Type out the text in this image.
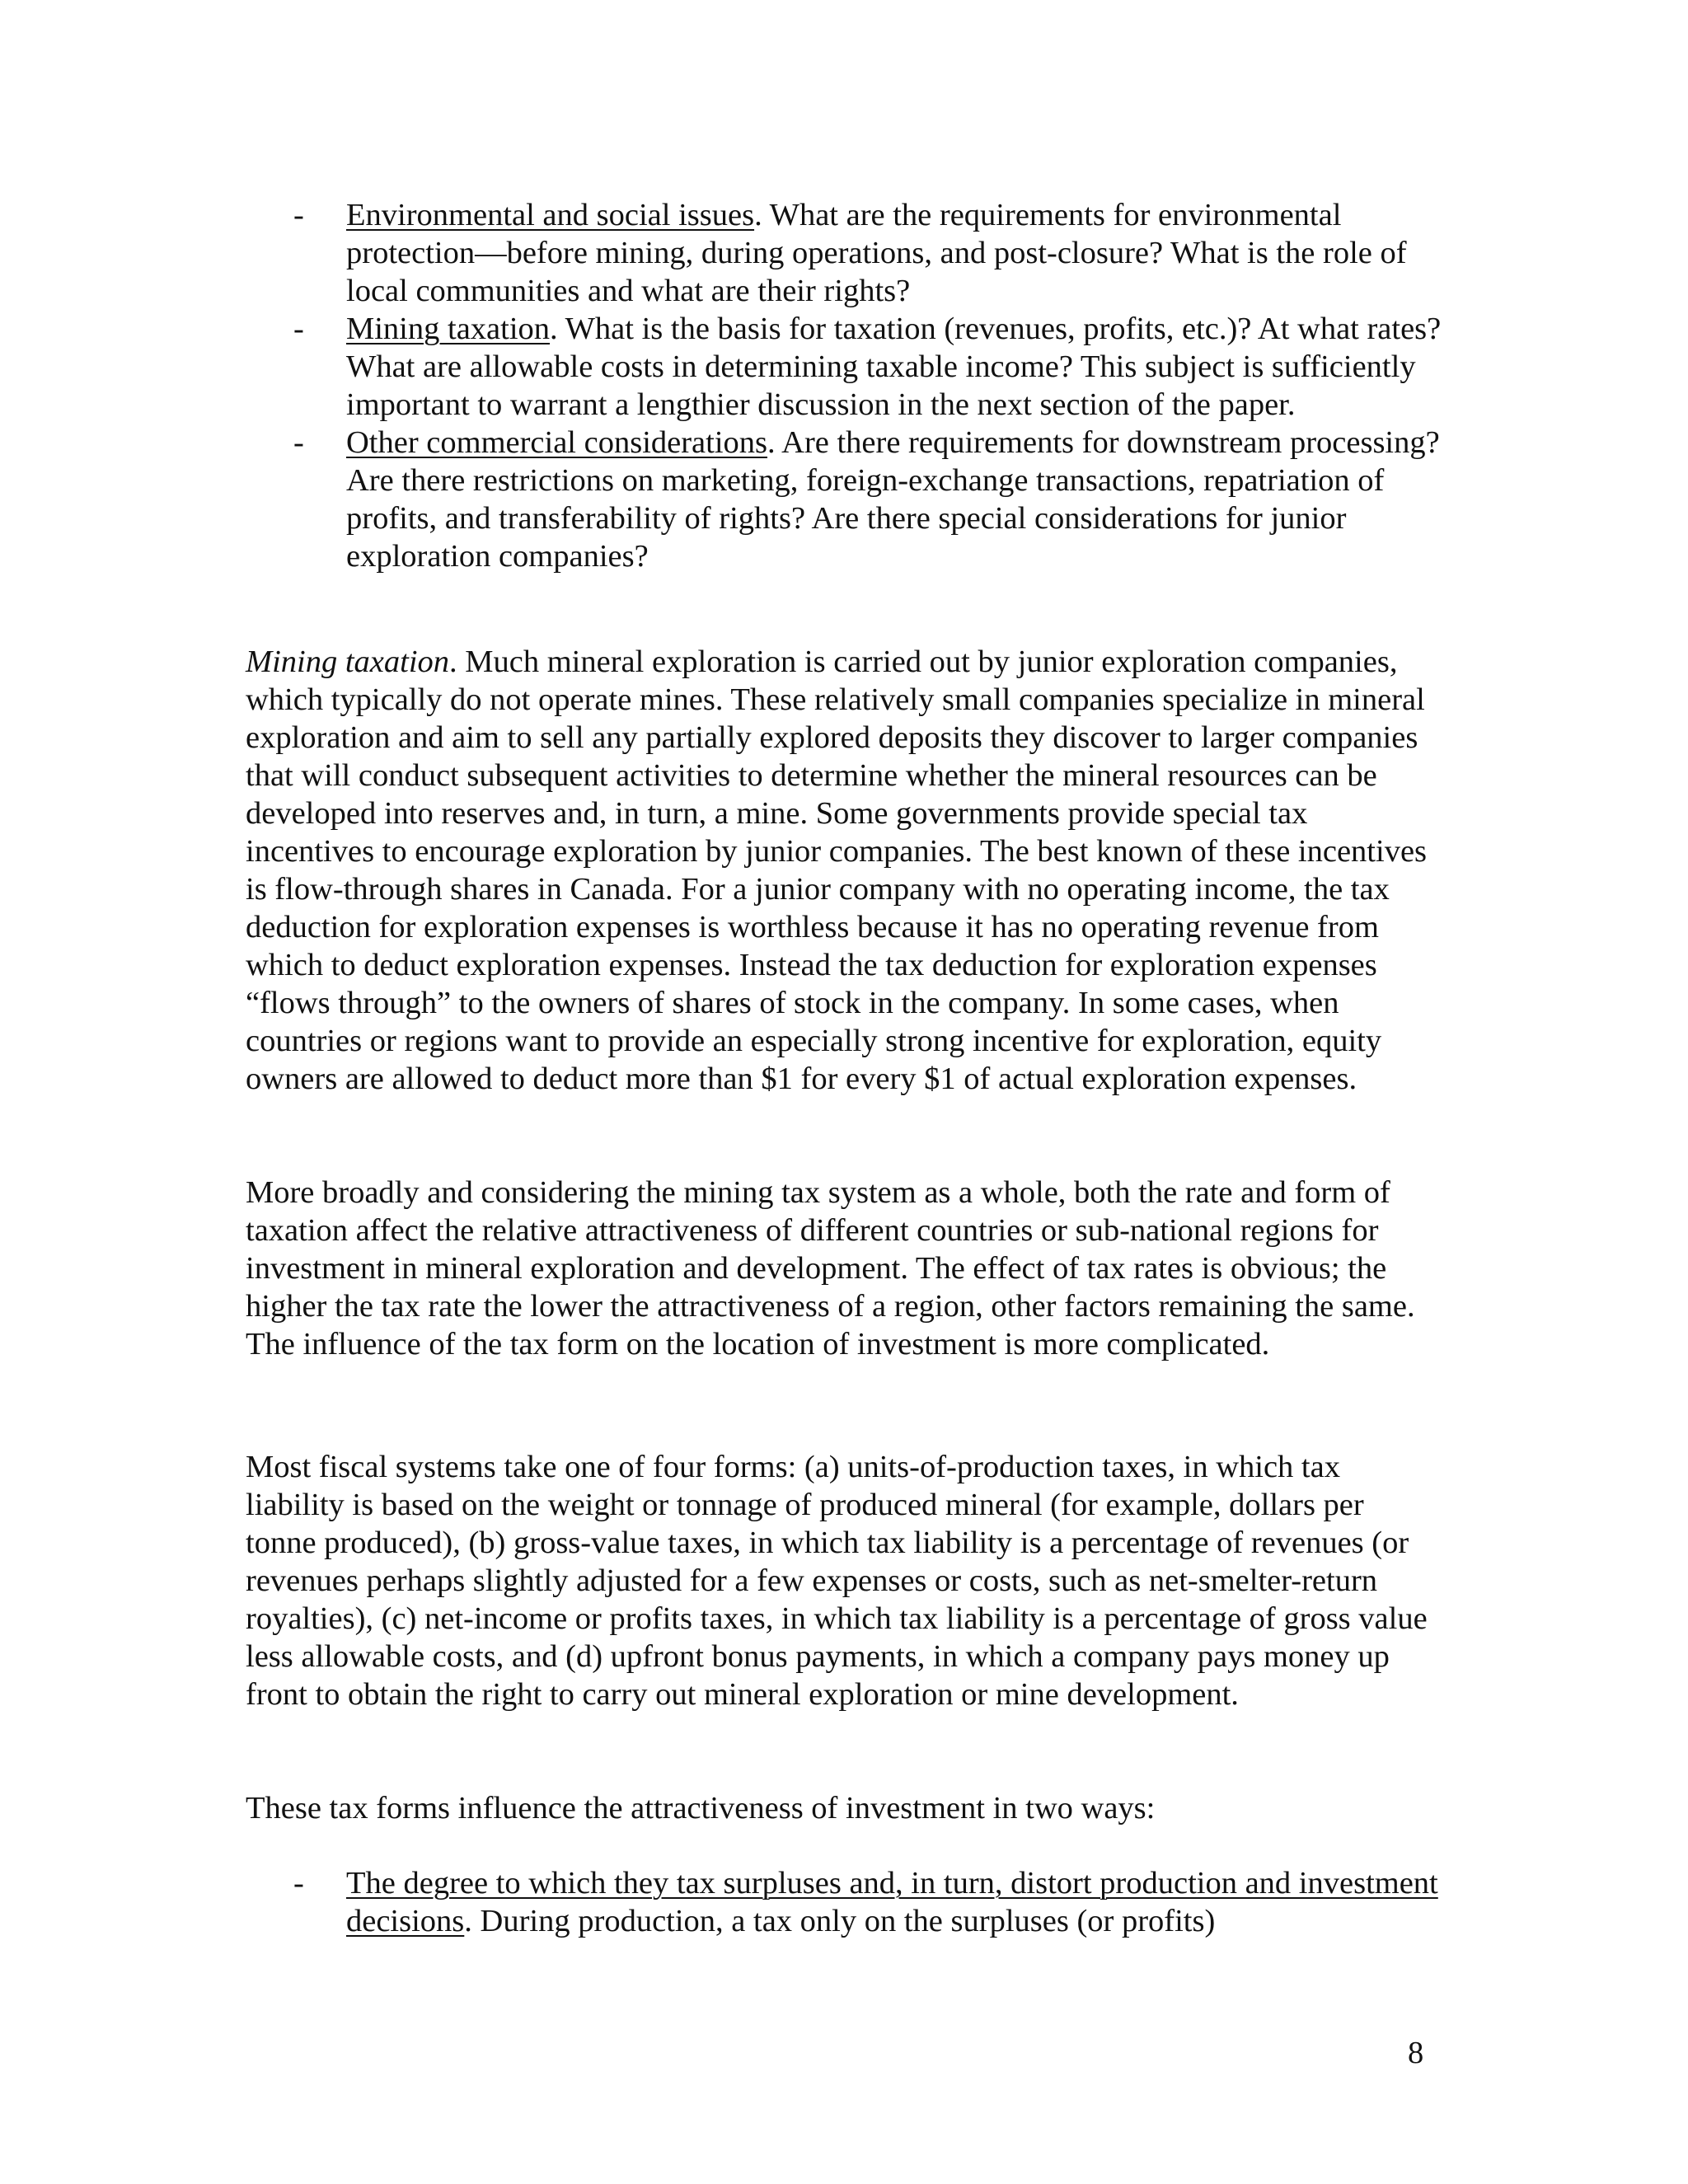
- Environmental and social issues. What are the requirements for environmental protection—before mining, during operations, and post-closure? What is the role of local communities and what are their rights?
- Mining taxation. What is the basis for taxation (revenues, profits, etc.)? At what rates? What are allowable costs in determining taxable income? This subject is sufficiently important to warrant a lengthier discussion in the next section of the paper.
- Other commercial considerations. Are there requirements for downstream processing? Are there restrictions on marketing, foreign-exchange transactions, repatriation of profits, and transferability of rights? Are there special considerations for junior exploration companies?

Mining taxation. Much mineral exploration is carried out by junior exploration companies, which typically do not operate mines. These relatively small companies specialize in mineral exploration and aim to sell any partially explored deposits they discover to larger companies that will conduct subsequent activities to determine whether the mineral resources can be developed into reserves and, in turn, a mine. Some governments provide special tax incentives to encourage exploration by junior companies. The best known of these incentives is flow-through shares in Canada. For a junior company with no operating income, the tax deduction for exploration expenses is worthless because it has no operating revenue from which to deduct exploration expenses. Instead the tax deduction for exploration expenses “flows through” to the owners of shares of stock in the company. In some cases, when countries or regions want to provide an especially strong incentive for exploration, equity owners are allowed to deduct more than $1 for every $1 of actual exploration expenses.

More broadly and considering the mining tax system as a whole, both the rate and form of taxation affect the relative attractiveness of different countries or sub-national regions for investment in mineral exploration and development. The effect of tax rates is obvious; the higher the tax rate the lower the attractiveness of a region, other factors remaining the same. The influence of the tax form on the location of investment is more complicated.

Most fiscal systems take one of four forms: (a) units-of-production taxes, in which tax liability is based on the weight or tonnage of produced mineral (for example, dollars per tonne produced), (b) gross-value taxes, in which tax liability is a percentage of revenues (or revenues perhaps slightly adjusted for a few expenses or costs, such as net-smelter-return royalties), (c) net-income or profits taxes, in which tax liability is a percentage of gross value less allowable costs, and (d) upfront bonus payments, in which a company pays money up front to obtain the right to carry out mineral exploration or mine development.

These tax forms influence the attractiveness of investment in two ways:

- The degree to which they tax surpluses and, in turn, distort production and investment decisions. During production, a tax only on the surpluses (or profits)
8
